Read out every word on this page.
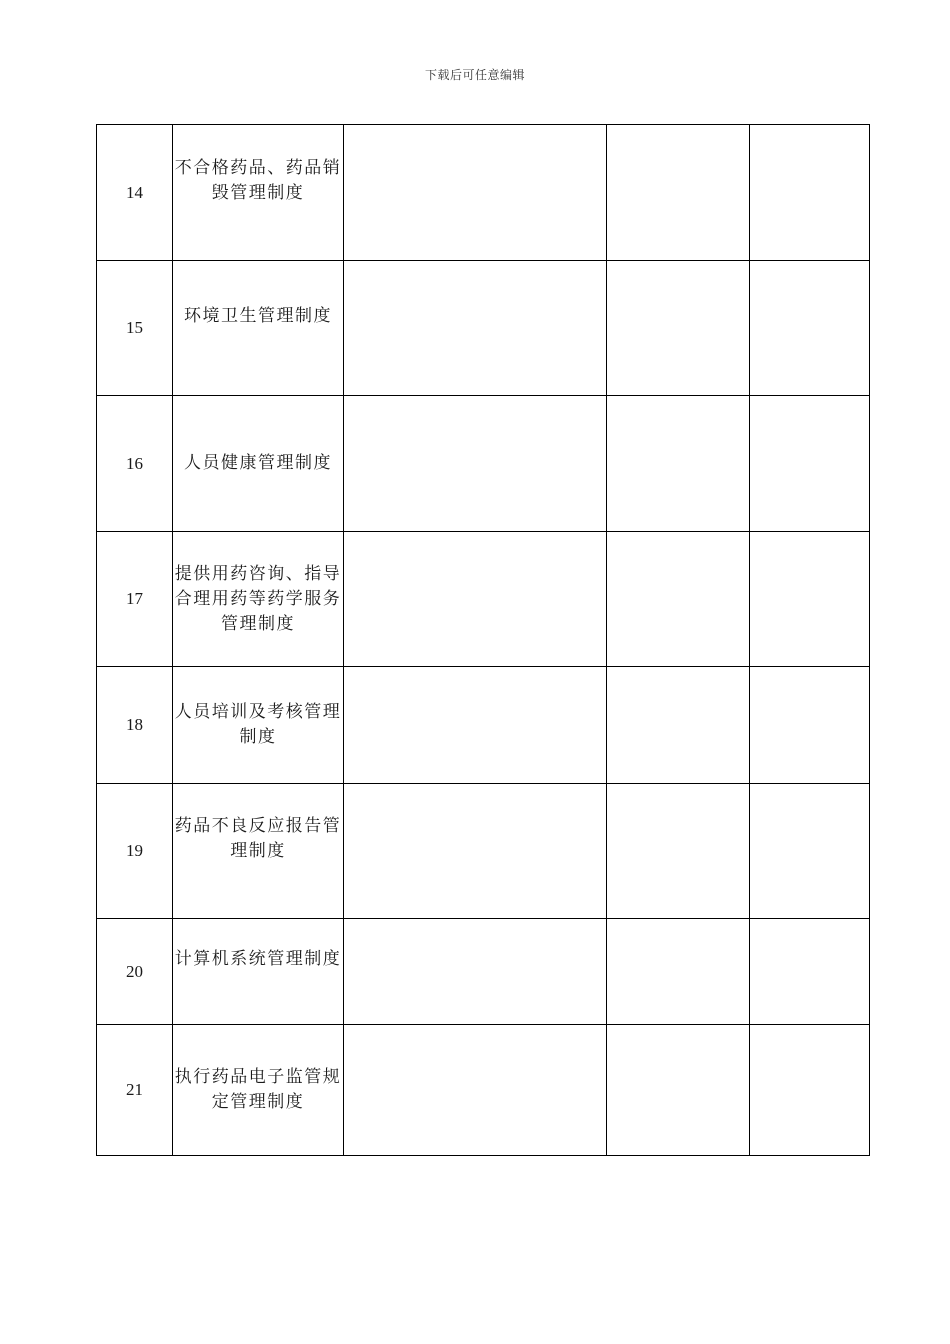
下载后可任意编辑
14	不合格药品、药品销毁管理制度			

15	环境卫生管理制度			

16	人员健康管理制度			

17	提供用药咨询、指导合理用药等药学服务管理制度			

18	人员培训及考核管理制度			

19	药品不良反应报告管理制度			

20	计算机系统管理制度			

21	执行药品电子监管规定管理制度			
